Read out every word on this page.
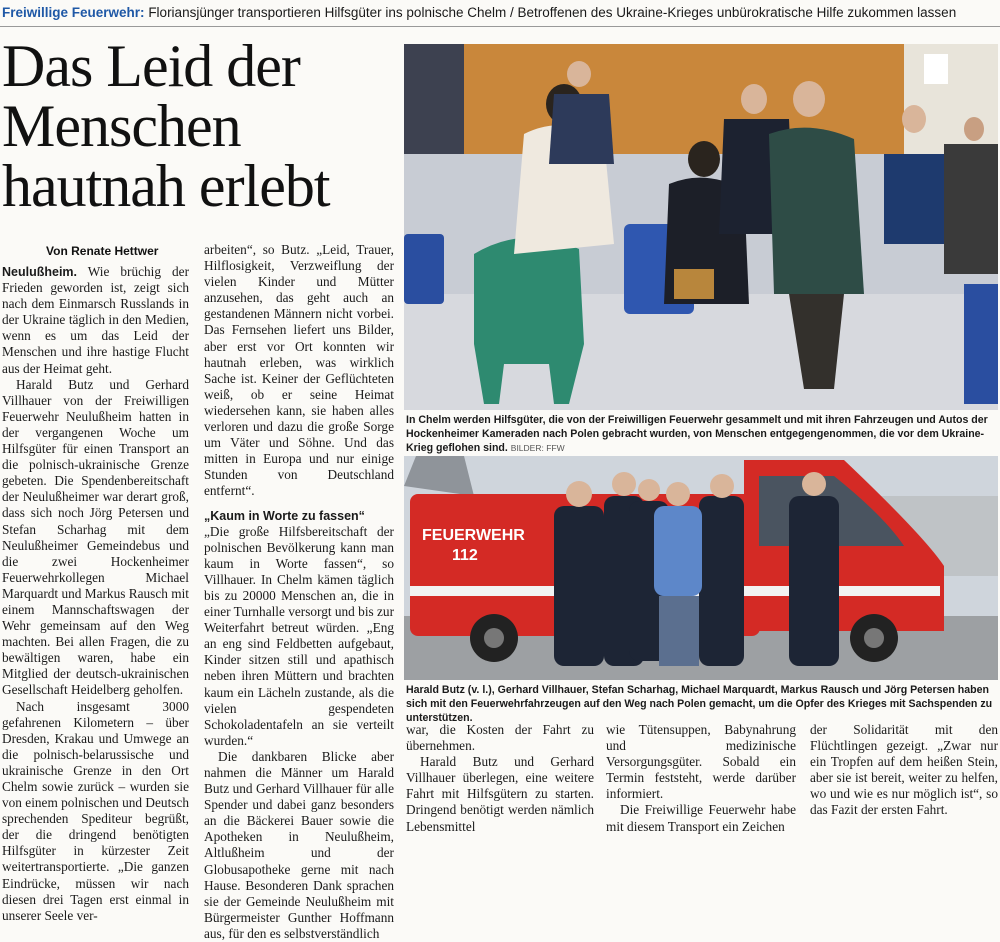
Freiwillige Feuerwehr: Floriansjünger transportieren Hilfsgüter ins polnische Chelm / Betroffenen des Ukraine-Krieges unbürokratische Hilfe zukommen lassen
Das Leid der Menschen hautnah erlebt
Von Renate Hettwer

Neulußheim. Wie brüchig der Frieden geworden ist, zeigt sich nach dem Einmarsch Russlands in der Ukraine täglich in den Medien, wenn es um das Leid der Menschen und ihre hastige Flucht aus der Heimat geht.

Harald Butz und Gerhard Villhauer von der Freiwilligen Feuerwehr Neulußheim hatten in der vergangenen Woche um Hilfsgüter für einen Transport an die polnisch-ukrainische Grenze gebeten. Die Spendenbereitschaft der Neulußheimer war derart groß, dass sich noch Jörg Petersen und Stefan Scharhag mit dem Neulußheimer Gemeindebus und die zwei Hockenheimer Feuerwehrkollegen Michael Marquardt und Markus Rausch mit einem Mannschaftswagen der Wehr gemeinsam auf den Weg machten. Bei allen Fragen, die zu bewältigen waren, habe ein Mitglied der deutsch-ukrainischen Gesellschaft Heidelberg geholfen.

Nach insgesamt 3000 gefahrenen Kilometern – über Dresden, Krakau und Umwege an die polnisch-belarussische und ukrainische Grenze in den Ort Chelm sowie zurück – wurden sie von einem polnischen und Deutsch sprechenden Spediteur begrüßt, der die dringend benötigten Hilfsgüter in kürzester Zeit weitertransportierte. „Die ganzen Eindrücke, müssen wir nach diesen drei Tagen erst einmal in unserer Seele ver-

arbeiten“, so Butz. „Leid, Trauer, Hilflosigkeit, Verzweiflung der vielen Kinder und Mütter anzusehen, das geht auch an gestandenen Männern nicht vorbei. Das Fernsehen liefert uns Bilder, aber erst vor Ort konnten wir hautnah erleben, was wirklich Sache ist. Keiner der Geflüchteten weiß, ob er seine Heimat wiedersehen kann, sie haben alles verloren und dazu die große Sorge um Väter und Söhne. Und das mitten in Europa und nur einige Stunden von Deutschland entfernt“.

„Kaum in Worte zu fassen“

„Die große Hilfsbereitschaft der polnischen Bevölkerung kann man kaum in Worte fassen“, so Villhauer. In Chelm kämen täglich bis zu 20000 Menschen an, die in einer Turnhalle versorgt und bis zur Weiterfahrt betreut würden. „Eng an eng sind Feldbetten aufgebaut, Kinder sitzen still und apathisch neben ihren Müttern und brachten kaum ein Lächeln zustande, als die vielen gespendeten Schokoladentafeln an sie verteilt wurden.“

Die dankbaren Blicke aber nahmen die Männer um Harald Butz und Gerhard Villhauer für alle Spender und dabei ganz besonders an die Bäckerei Bauer sowie die Apotheken in Neulußheim, Altlußheim und der Globusapotheke gerne mit nach Hause. Besonderen Dank sprachen sie der Gemeinde Neulußheim mit Bürgermeister Gunther Hoffmann aus, für den es selbstverständlich

In Chelm werden Hilfsgüter, die von der Freiwilligen Feuerwehr gesammelt und mit ihren Fahrzeugen und Autos der Hockenheimer Kameraden nach Polen gebracht wurden, von Menschen entgegengenommen, die vor dem Ukraine-Krieg geflohen sind. BILDER: FFW
FEUERWEHR
112
Harald Butz (v. l.), Gerhard Villhauer, Stefan Scharhag, Michael Marquardt, Markus Rausch und Jörg Petersen haben sich mit den Feuerwehrfahrzeugen auf den Weg nach Polen gemacht, um die Opfer des Krieges mit Sachspenden zu unterstützen.

war, die Kosten der Fahrt zu übernehmen.

Harald Butz und Gerhard Villhauer überlegen, eine weitere Fahrt mit Hilfsgütern zu starten. Dringend benötigt werden nämlich Lebensmittel

wie Tütensuppen, Babynahrung und medizinische Versorgungsgüter. Sobald ein Termin feststeht, werde darüber informiert.

Die Freiwillige Feuerwehr habe mit diesem Transport ein Zeichen

der Solidarität mit den Flüchtlingen gezeigt. „Zwar nur ein Tropfen auf dem heißen Stein, aber sie ist bereit, weiter zu helfen, wo und wie es nur möglich ist“, so das Fazit der ersten Fahrt.
